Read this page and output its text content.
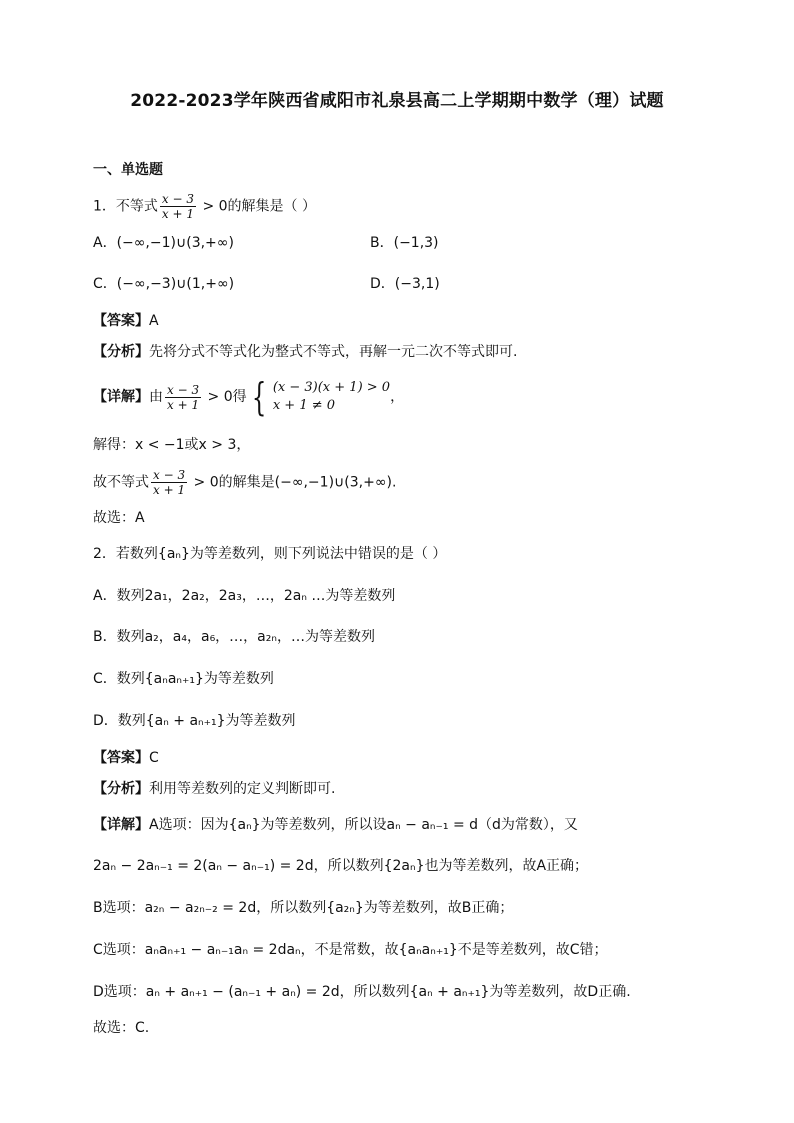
2022-2023学年陕西省咸阳市礼泉县高二上学期期中数学（理）试题
一、单选题
1．不等式 $\frac{x - 3}{x + 1} > 0$的解集是（ ）
A．(−∞,−1)∪(3,+∞)	B．(−1,3)
C．(−∞,−3)∪(1,+∞)	D．(−3,1)
【答案】A
【分析】先将分式不等式化为整式不等式，再解一元二次不等式即可.
【详解】由 $\frac{x - 3}{x + 1} > 0$得 { (x − 3)(x + 1) > 0
x + 1 ≠ 0
，
解得：x < −1或x > 3，
故不等式 $\frac{x - 3}{x + 1} > 0$的解集是(−∞,−1)∪(3,+∞).
故选：A
2．若数列{aₙ}为等差数列，则下列说法中错误的是（ ）
A．数列2a₁，2a₂，2a₃，…，2aₙ …为等差数列
B．数列a₂，a₄，a₆，…，a₂ₙ，…为等差数列
C．数列{aₙaₙ₊₁}为等差数列
D．数列{aₙ + aₙ₊₁}为等差数列
【答案】C
【分析】利用等差数列的定义判断即可.
【详解】A选项：因为{aₙ}为等差数列，所以设aₙ − aₙ₋₁ = d（d为常数），又
2aₙ − 2aₙ₋₁ = 2(aₙ − aₙ₋₁) = 2d，所以数列{2aₙ}也为等差数列，故A正确；
B选项：a₂ₙ − a₂ₙ₋₂ = 2d，所以数列{a₂ₙ}为等差数列，故B正确；
C选项：aₙaₙ₊₁ − aₙ₋₁aₙ = 2daₙ，不是常数，故{aₙaₙ₊₁}不是等差数列，故C错；
D选项：aₙ + aₙ₊₁ − (aₙ₋₁ + aₙ) = 2d，所以数列{aₙ + aₙ₊₁}为等差数列，故D正确.
故选：C.
